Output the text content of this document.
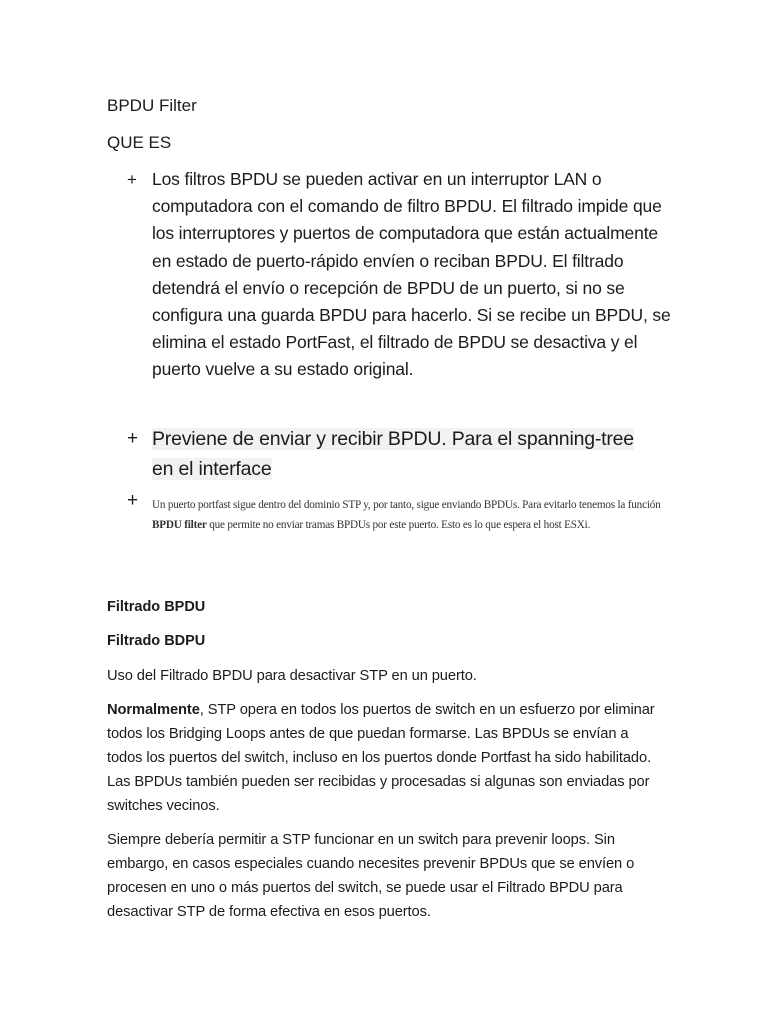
BPDU Filter
QUE ES
+ Los filtros BPDU se pueden activar en un interruptor LAN o computadora con el comando de filtro BPDU. El filtrado impide que los interruptores y puertos de computadora que están actualmente en estado de puerto-rápido envíen o reciban BPDU. El filtrado detendrá el envío o recepción de BPDU de un puerto, si no se configura una guarda BPDU para hacerlo. Si se recibe un BPDU, se elimina el estado PortFast, el filtrado de BPDU se desactiva y el puerto vuelve a su estado original.
+ Previene de enviar y recibir BPDU. Para el spanning-tree en el interface
+ Un puerto portfast sigue dentro del dominio STP y, por tanto, sigue enviando BPDUs. Para evitarlo tenemos la función BPDU filter que permite no enviar tramas BPDUs por este puerto. Esto es lo que espera el host ESXi.
Filtrado BPDU
Filtrado BDPU
Uso del Filtrado BPDU para desactivar STP en un puerto.
Normalmente, STP opera en todos los puertos de switch en un esfuerzo por eliminar todos los Bridging Loops antes de que puedan formarse. Las BPDUs se envían a todos los puertos del switch, incluso en los puertos donde Portfast ha sido habilitado. Las BPDUs también pueden ser recibidas y procesadas si algunas son enviadas por switches vecinos.
Siempre debería permitir a STP funcionar en un switch para prevenir loops. Sin embargo, en casos especiales cuando necesites prevenir BPDUs que se envíen o procesen en uno o más puertos del switch, se puede usar el Filtrado BPDU para desactivar STP de forma efectiva en esos puertos.
